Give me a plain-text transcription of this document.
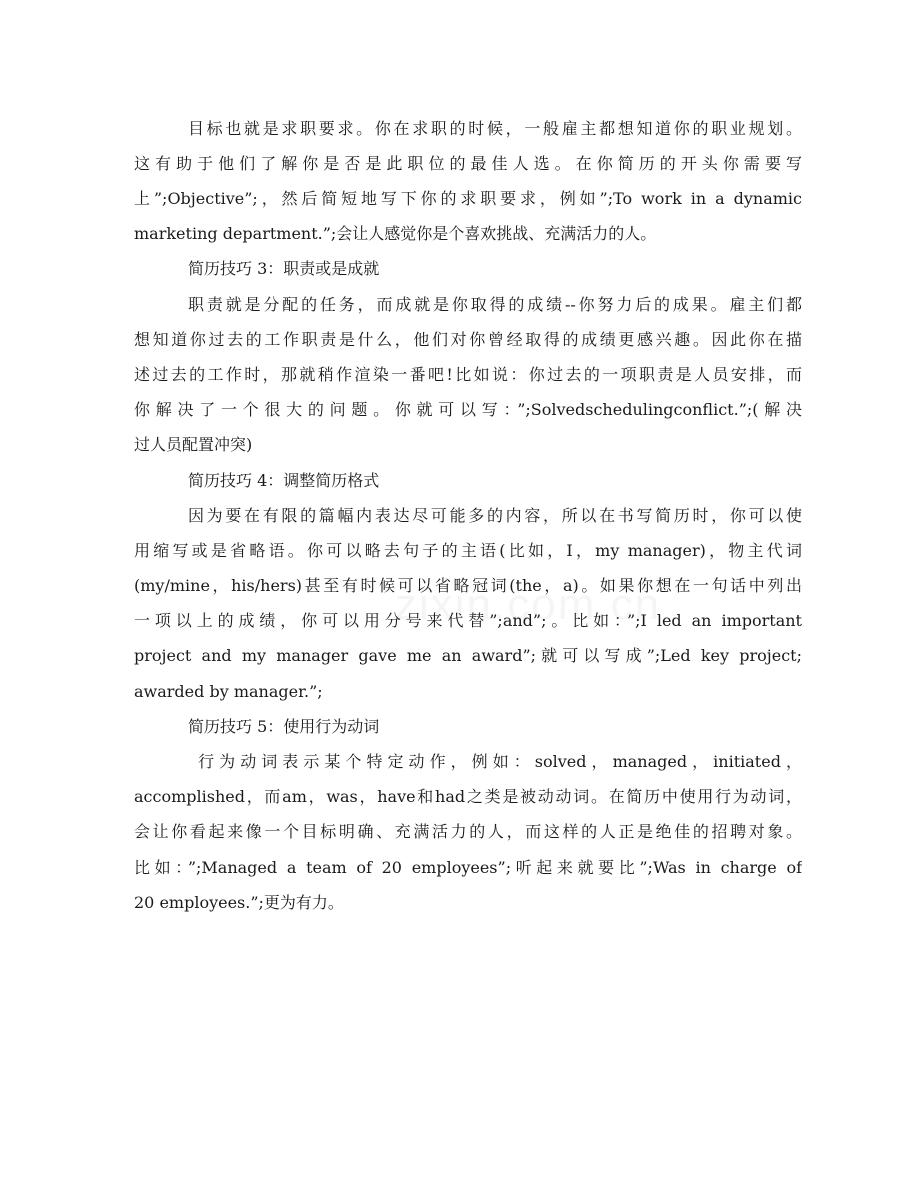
目标也就是求职要求。你在求职的时候，一般雇主都想知道你的职业规划。
这有助于他们了解你是否是此职位的最佳人选。在你简历的开头你需要写
上”;Objective”;，然后简短地写下你的求职要求，例如”;To work in a dynamic
marketing department.”;会让人感觉你是个喜欢挑战、充满活力的人。
简历技巧 3：职责或是成就
职责就是分配的任务，而成就是你取得的成绩--你努力后的成果。雇主们都
想知道你过去的工作职责是什么，他们对你曾经取得的成绩更感兴趣。因此你在描
述过去的工作时，那就稍作渲染一番吧!比如说：你过去的一项职责是人员安排，而
你解决了一个很大的问题。你就可以写：”;Solvedschedulingconflict.”;(解决
过人员配置冲突)
简历技巧 4：调整简历格式
因为要在有限的篇幅内表达尽可能多的内容，所以在书写简历时，你可以使
用缩写或是省略语。你可以略去句子的主语(比如，I，my manager)，物主代词
(my/mine，his/hers)甚至有时候可以省略冠词(the，a)。如果你想在一句话中列出
一项以上的成绩，你可以用分号来代替”;and”;。比如：”;I led an important
project and my manager gave me an award”;就可以写成”;Led key project;
awarded by manager.”;
简历技巧 5：使用行为动词
行为动词表示某个特定动作，例如：solved，managed，initiated，
accomplished，而am，was，have和had之类是被动动词。在简历中使用行为动词，
会让你看起来像一个目标明确、充满活力的人，而这样的人正是绝佳的招聘对象。
比如：”;Managed a team of 20 employees”;听起来就要比”;Was in charge of
20 employees.”;更为有力。
